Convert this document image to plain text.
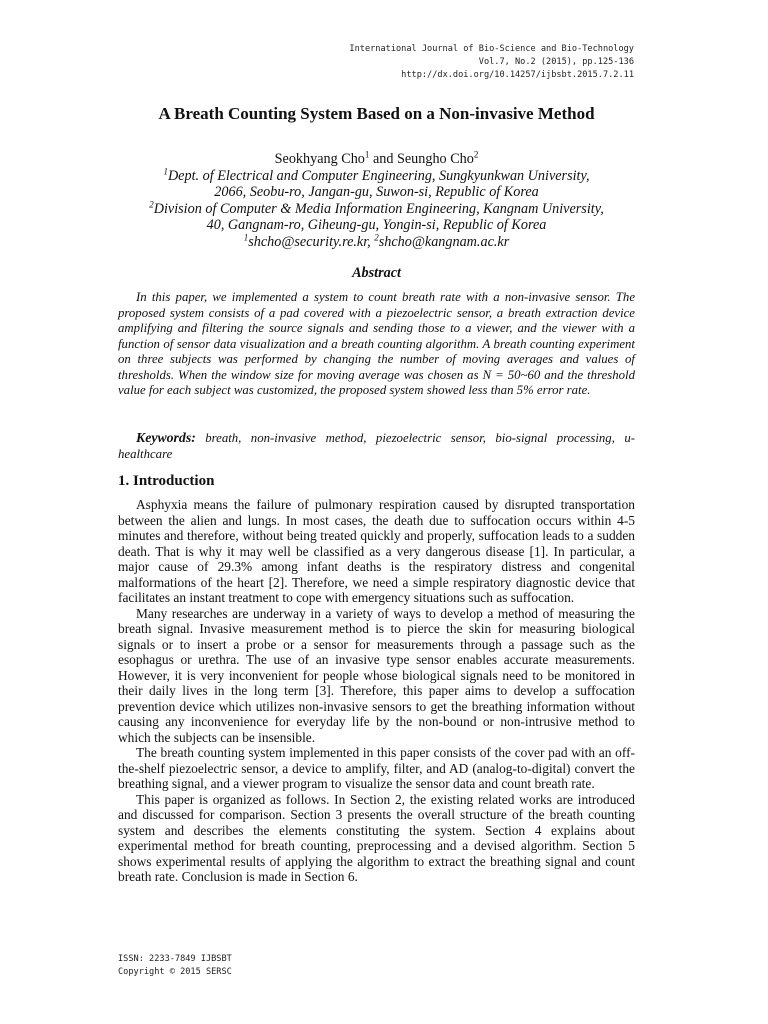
International Journal of Bio-Science and Bio-Technology
Vol.7, No.2 (2015), pp.125-136
http://dx.doi.org/10.14257/ijbsbt.2015.7.2.11
A Breath Counting System Based on a Non-invasive Method
Seokhyang Cho$^1$ and Seungho Cho$^2$
$^1$Dept. of Electrical and Computer Engineering, Sungkyunkwan University,
2066, Seobu-ro, Jangan-gu, Suwon-si, Republic of Korea
$^2$Division of Computer & Media Information Engineering, Kangnam University,
40, Gangnam-ro, Giheung-gu, Yongin-si, Republic of Korea
$^1$shcho@security.re.kr, $^2$shcho@kangnam.ac.kr
Abstract
In this paper, we implemented a system to count breath rate with a non-invasive sensor. The proposed system consists of a pad covered with a piezoelectric sensor, a breath extraction device amplifying and filtering the source signals and sending those to a viewer, and the viewer with a function of sensor data visualization and a breath counting algorithm. A breath counting experiment on three subjects was performed by changing the number of moving averages and values of thresholds. When the window size for moving average was chosen as N = 50~60 and the threshold value for each subject was customized, the proposed system showed less than 5% error rate.
Keywords: breath, non-invasive method, piezoelectric sensor, bio-signal processing, u-healthcare
1. Introduction

Asphyxia means the failure of pulmonary respiration caused by disrupted transportation between the alien and lungs. In most cases, the death due to suffocation occurs within 4-5 minutes and therefore, without being treated quickly and properly, suffocation leads to a sudden death. That is why it may well be classified as a very dangerous disease [1]. In particular, a major cause of 29.3% among infant deaths is the respiratory distress and congenital malformations of the heart [2]. Therefore, we need a simple respiratory diagnostic device that facilitates an instant treatment to cope with emergency situations such as suffocation.

Many researches are underway in a variety of ways to develop a method of measuring the breath signal. Invasive measurement method is to pierce the skin for measuring biological signals or to insert a probe or a sensor for measurements through a passage such as the esophagus or urethra. The use of an invasive type sensor enables accurate measurements. However, it is very inconvenient for people whose biological signals need to be monitored in their daily lives in the long term [3]. Therefore, this paper aims to develop a suffocation prevention device which utilizes non-invasive sensors to get the breathing information without causing any inconvenience for everyday life by the non-bound or non-intrusive method to which the subjects can be insensible.

The breath counting system implemented in this paper consists of the cover pad with an off-the-shelf piezoelectric sensor, a device to amplify, filter, and AD (analog-to-digital) convert the breathing signal, and a viewer program to visualize the sensor data and count breath rate.

This paper is organized as follows. In Section 2, the existing related works are introduced and discussed for comparison. Section 3 presents the overall structure of the breath counting system and describes the elements constituting the system. Section 4 explains about experimental method for breath counting, preprocessing and a devised algorithm. Section 5 shows experimental results of applying the algorithm to extract the breathing signal and count breath rate. Conclusion is made in Section 6.

ISSN: 2233-7849 IJBSBT
Copyright © 2015 SERSC
